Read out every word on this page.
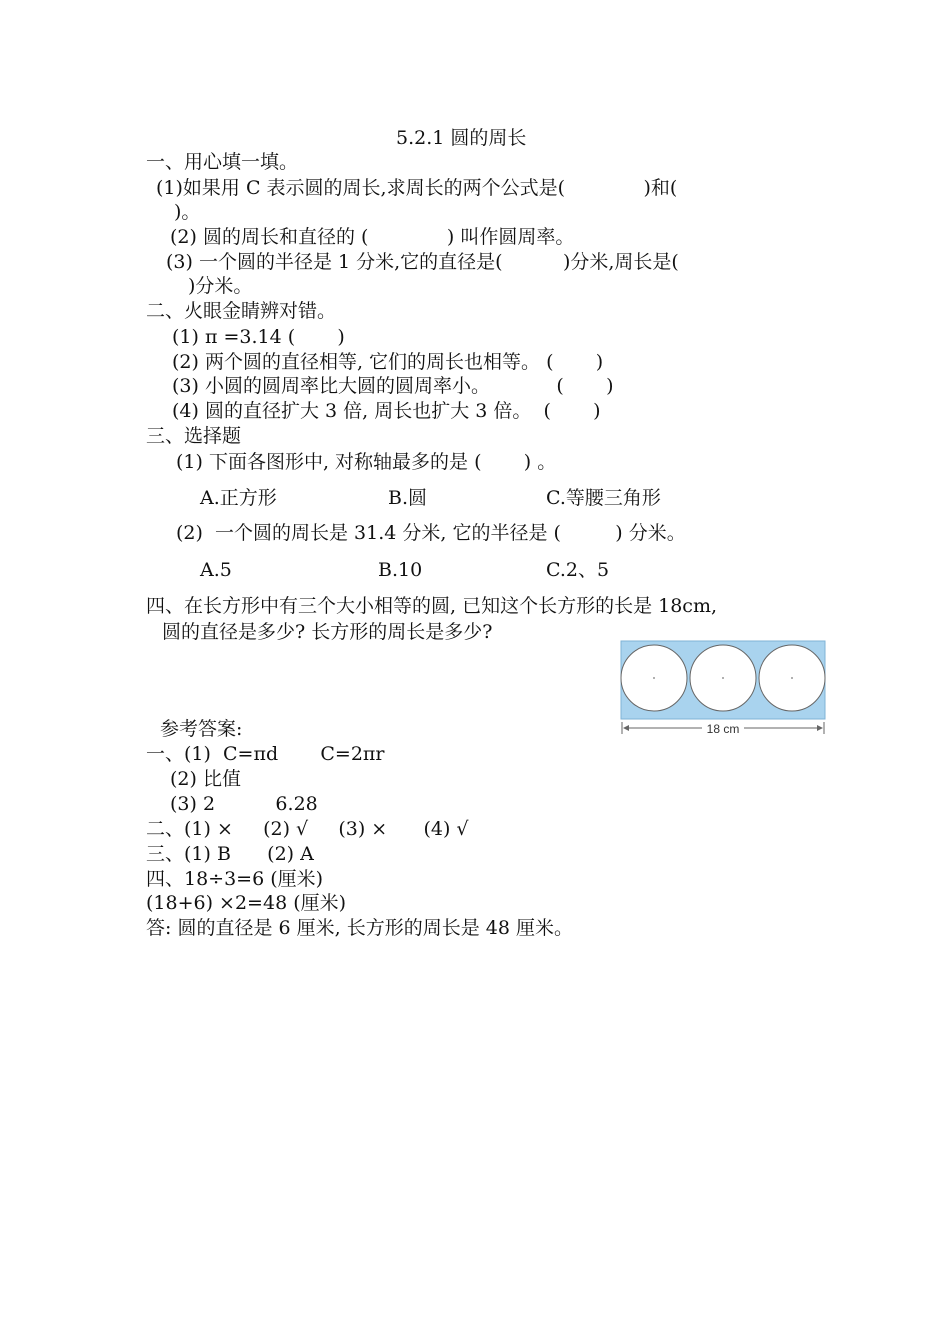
5.2.1 圆的周长
一、用心填一填。
(1)如果用 C 表示圆的周长,求周长的两个公式是(             )和(
)。
(2) 圆的周长和直径的 (             ) 叫作圆周率。
(3) 一个圆的半径是 1 分米,它的直径是(          )分米,周长是(
)分米。
二、火眼金睛辨对错。
(1) π =3.14 (       )
(2) 两个圆的直径相等, 它们的周长也相等。 (       )
(3) 小圆的圆周率比大圆的圆周率小。           (       )
(4) 圆的直径扩大 3 倍, 周长也扩大 3 倍。  (       )
三、选择题
(1) 下面各图形中, 对称轴最多的是 (       ) 。
A.正方形	B.圆	C.等腰三角形
(2)  一个圆的周长是 31.4 分米, 它的半径是 (         ) 分米。
A.5	B.10	C.2、5
四、在长方形中有三个大小相等的圆, 已知这个长方形的长是 18cm,
圆的直径是多少? 长方形的周长是多少?
18 cm
参考答案:
一、(1)  C=πd       C=2πr
(2) 比值
(3) 2          6.28
二、(1) ×     (2) √     (3) ×      (4) √
三、(1) B      (2) A
四、18÷3=6 (厘米)
(18+6) ×2=48 (厘米)
答: 圆的直径是 6 厘米, 长方形的周长是 48 厘米。
